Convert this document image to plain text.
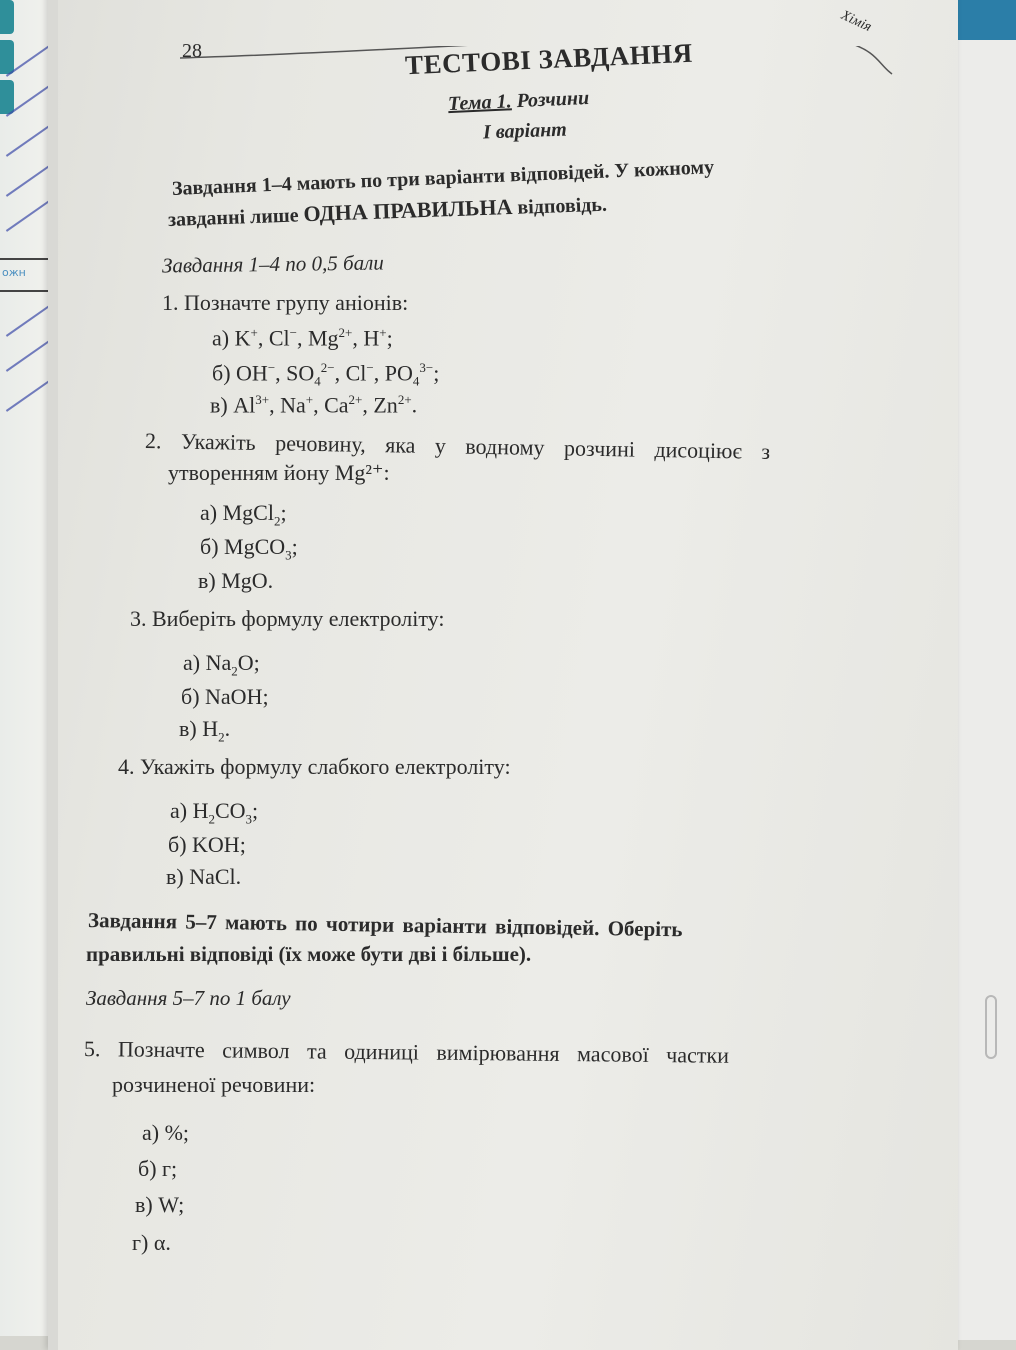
ожн
28
Хімія
ТЕСТОВІ ЗАВДАННЯ
Тема 1. Розчини
I варіант
Завдання 1–4 мають по три варіанти відповідей. У кожному
завданні лише ОДНА ПРАВИЛЬНА відповідь.
Завдання 1–4 по 0,5 бали
1. Позначте групу аніонів:
а) K+, Cl−, $Mg^{2+}$, H+;
б) OH−, $SO_4^{2-}$, Cl−, $PO_4^{3-}$;
в) $Al^{3+}$, Na+, $Ca^{2+}$, $Zn^{2+}$.
2. Укажіть речовину, яка у водному розчині дисоціює з
утворенням йону Mg²⁺:
а) MgCl$_2$;
б) MgCO$_3$;
в) MgO.
3. Виберіть формулу електроліту:
а) $Na_2O$;
б) NaOH;
в) $H_2$.
4. Укажіть формулу слабкого електроліту:
а) $H_2CO_3$;
б) KOH;
в) NaCl.
Завдання 5–7 мають по чотири варіанти відповідей. Оберіть
правильні відповіді (їх може бути дві і більше).
Завдання 5–7 по 1 балу
5. Позначте символ та одиниці вимірювання масової частки
розчиненої речовини:
а) %;
б) г;
в) W;
г) α.
